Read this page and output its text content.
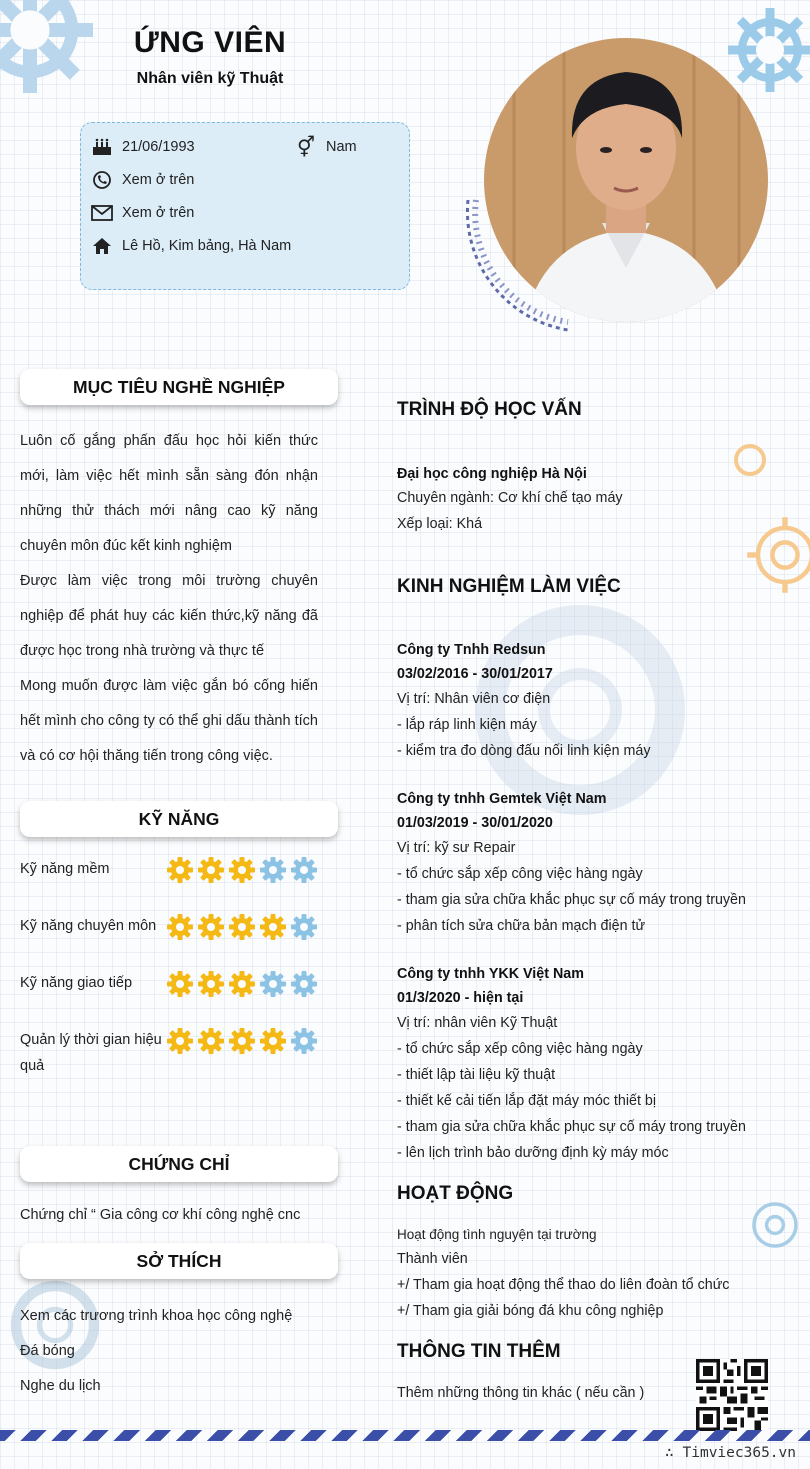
ỨNG VIÊN
Nhân viên kỹ Thuật
21/06/1993	⚥ Nam
Xem ở trên
Xem ở trên
Lê Hồ, Kim bảng, Hà Nam
MỤC TIÊU NGHỀ NGHIỆP

Luôn cố gắng phấn đấu học hỏi kiến thức mới, làm việc hết mình sẵn sàng đón nhận những thử thách mới nâng cao kỹ năng chuyên môn đúc kết kinh nghiệm

Được làm việc trong môi trường chuyên nghiệp để phát huy các kiến thức,kỹ năng đã được học trong nhà trường và thực tế

Mong muốn được làm việc gắn bó cống hiến hết mình cho công ty có thể ghi dấu thành tích và có cơ hội thăng tiến trong công việc.

KỸ NĂNG
Kỹ năng mềm
Kỹ năng chuyên môn
Kỹ năng giao tiếp
Quản lý thời gian hiệu quả
CHỨNG CHỈ
Chứng chỉ “ Gia công cơ khí công nghệ cnc
SỞ THÍCH
Xem các trương trình khoa học công nghệ
Đá bóng
Nghe du lịch
TRÌNH ĐỘ HỌC VẤN
Đại học công nghiệp Hà Nội
Chuyên ngành: Cơ khí chế tạo máy
Xếp loại: Khá
KINH NGHIỆM LÀM VIỆC
Công ty Tnhh Redsun
03/02/2016 - 30/01/2017
Vị trí: Nhân viên cơ điện
- lắp ráp linh kiện máy
- kiểm tra đo dòng đấu nối linh kiện máy
Công ty tnhh Gemtek Việt Nam
01/03/2019 - 30/01/2020
Vị trí: kỹ sư Repair
- tổ chức sắp xếp công việc hàng ngày
- tham gia sửa chữa khắc phục sự cố máy trong truyền
- phân tích sửa chữa bản mạch điện tử
Công ty tnhh YKK Việt Nam
01/3/2020 - hiện tại
Vị trí: nhân viên Kỹ Thuật
- tổ chức sắp xếp công việc hàng ngày
- thiết lập tài liệu kỹ thuật
- thiết kế cải tiến lắp đặt máy móc thiết bị
- tham gia sửa chữa khắc phục sự cố máy trong truyền
- lên lịch trình bảo dưỡng định kỳ máy móc
HOẠT ĐỘNG
Hoạt động tình nguyện tại trường
Thành viên
+/ Tham gia hoạt động thể thao do liên đoàn tổ chức
+/ Tham gia giải bóng đá khu công nghiệp
THÔNG TIN THÊM
Thêm những thông tin khác ( nếu cần )
∴ Timviec365.vn
